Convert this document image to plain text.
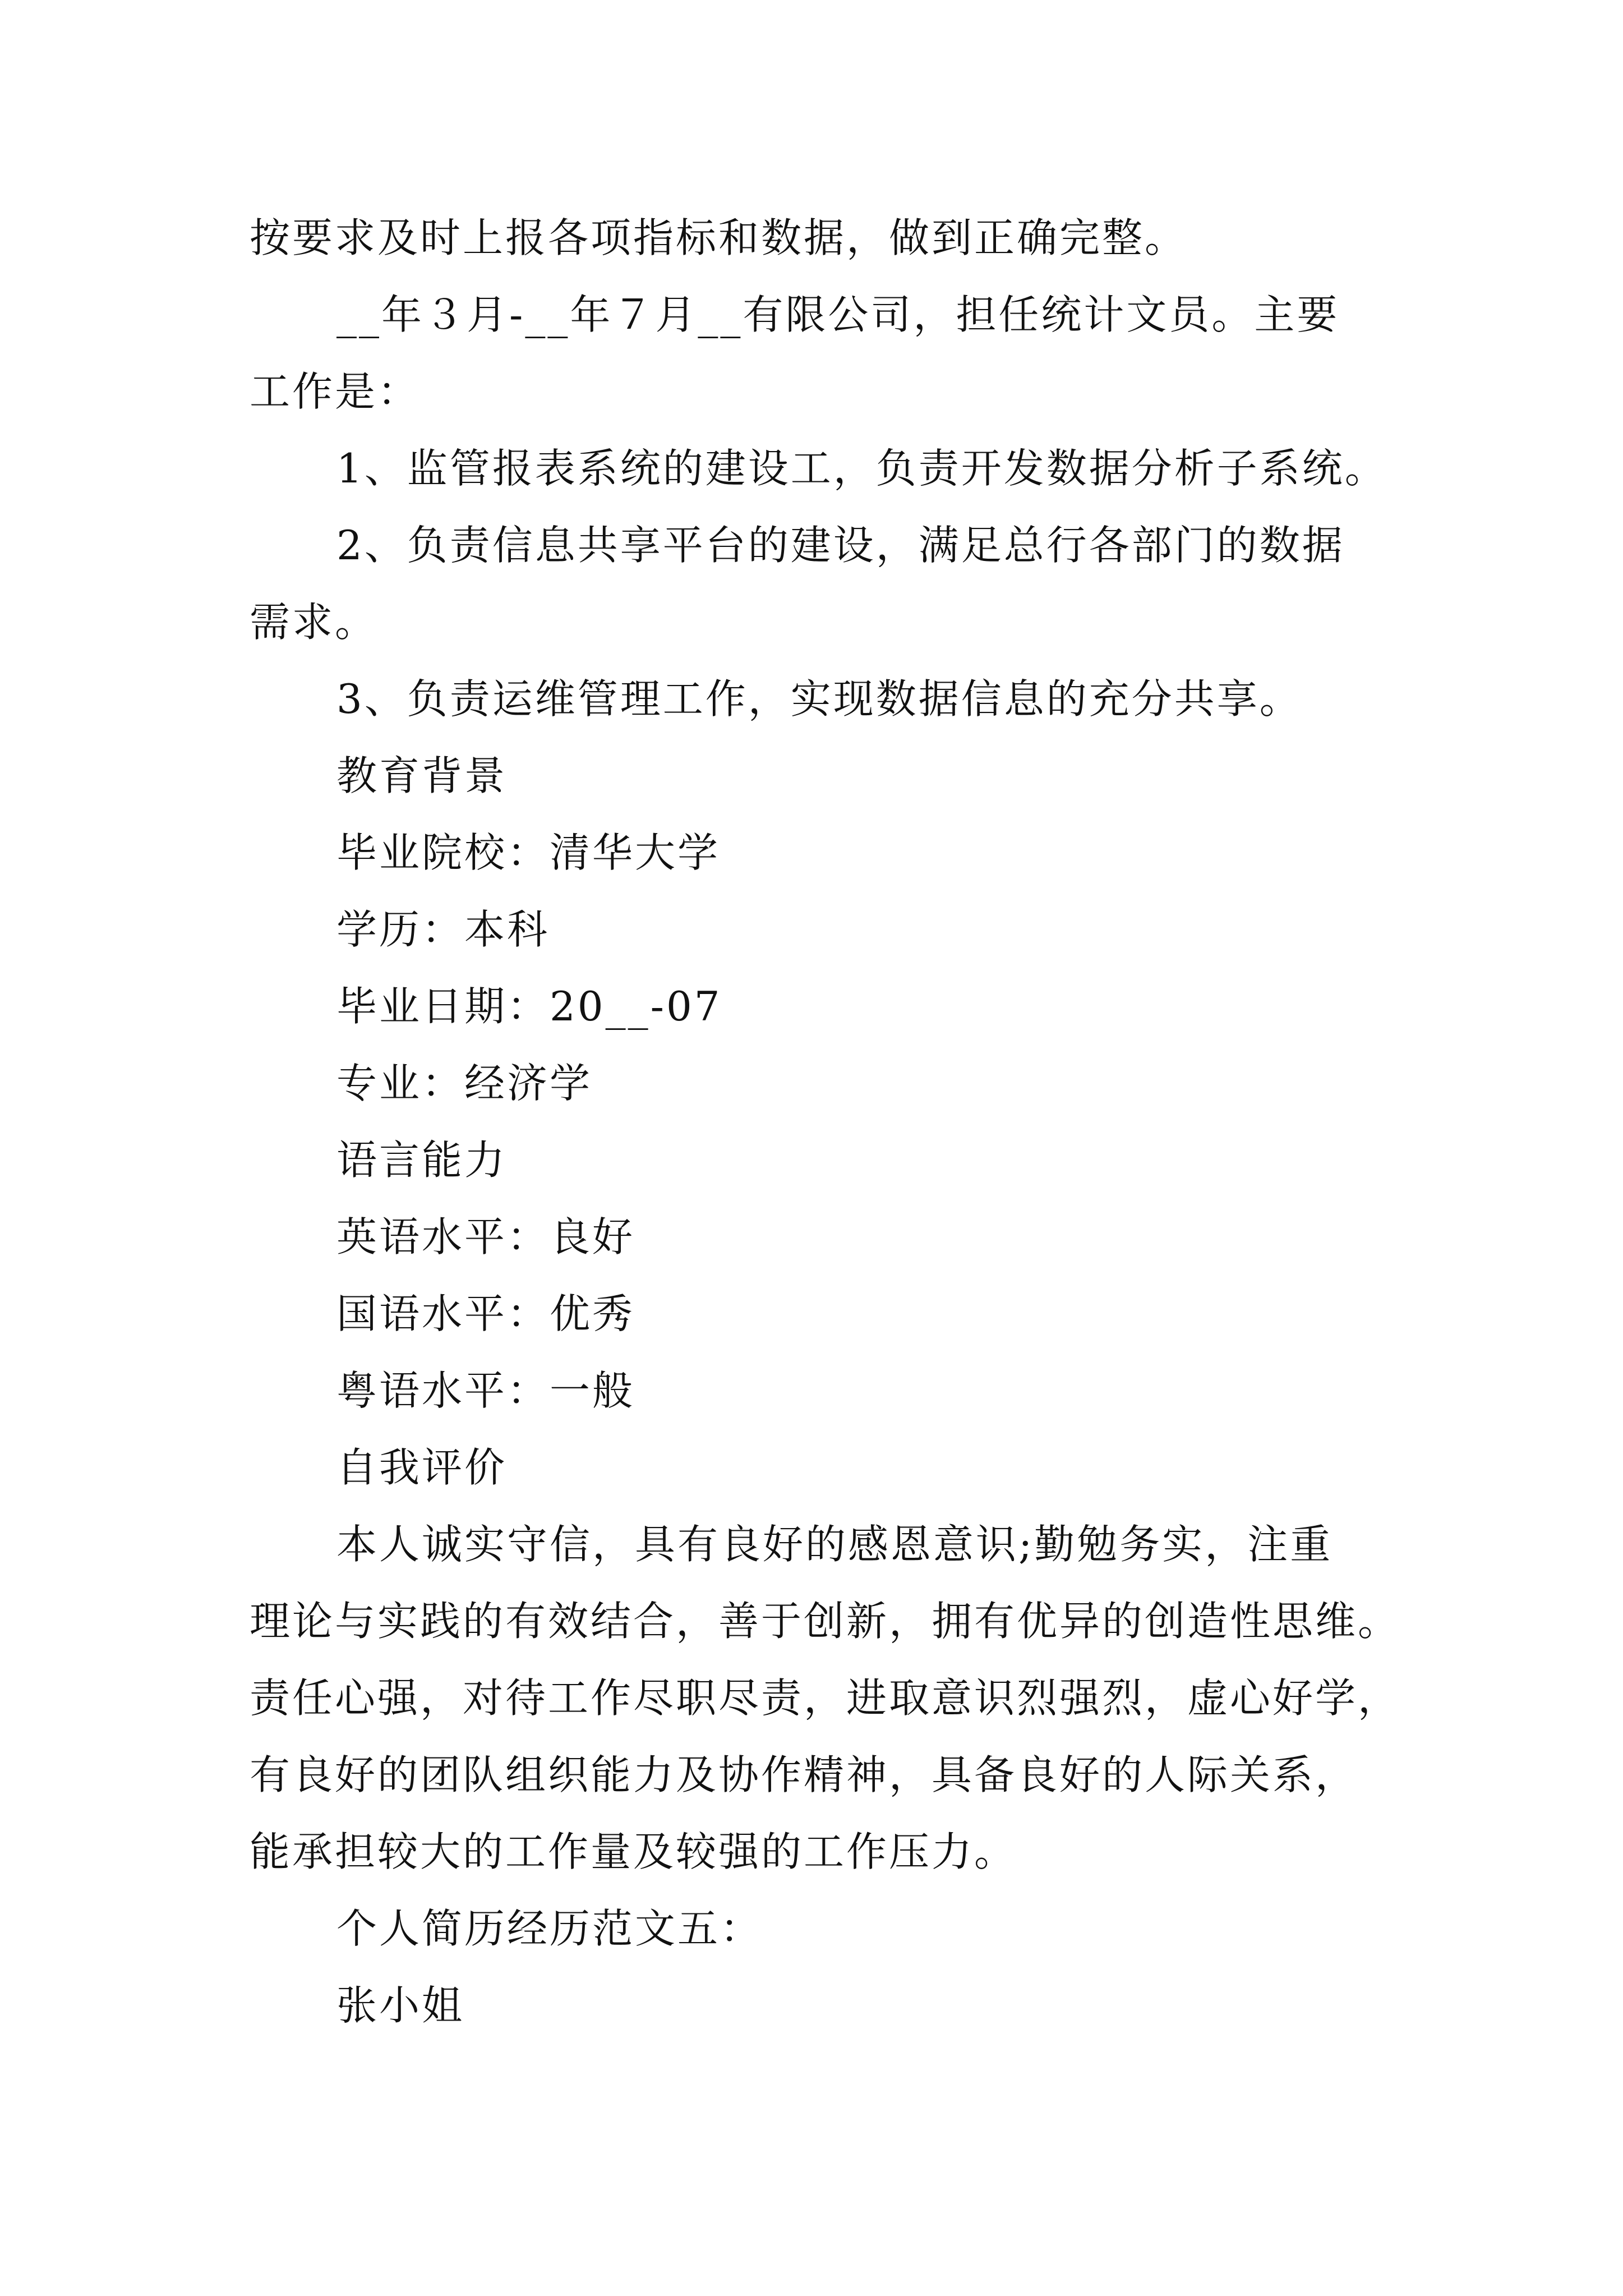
按要求及时上报各项指标和数据，做到正确完整。
__年３月-__年７月__有限公司，担任统计文员。主要
工作是：
1、监管报表系统的建设工，负责开发数据分析子系统。
2、负责信息共享平台的建设，满足总行各部门的数据
需求。
3、负责运维管理工作，实现数据信息的充分共享。
教育背景
毕业院校：清华大学
学历：本科
毕业日期：20__-07
专业：经济学
语言能力
英语水平：良好
国语水平：优秀
粤语水平：一般
自我评价
本人诚实守信，具有良好的感恩意识;勤勉务实，注重
理论与实践的有效结合，善于创新，拥有优异的创造性思维。
责任心强，对待工作尽职尽责，进取意识烈强烈，虚心好学，
有良好的团队组织能力及协作精神，具备良好的人际关系，
能承担较大的工作量及较强的工作压力。
个人简历经历范文五：
张小姐
